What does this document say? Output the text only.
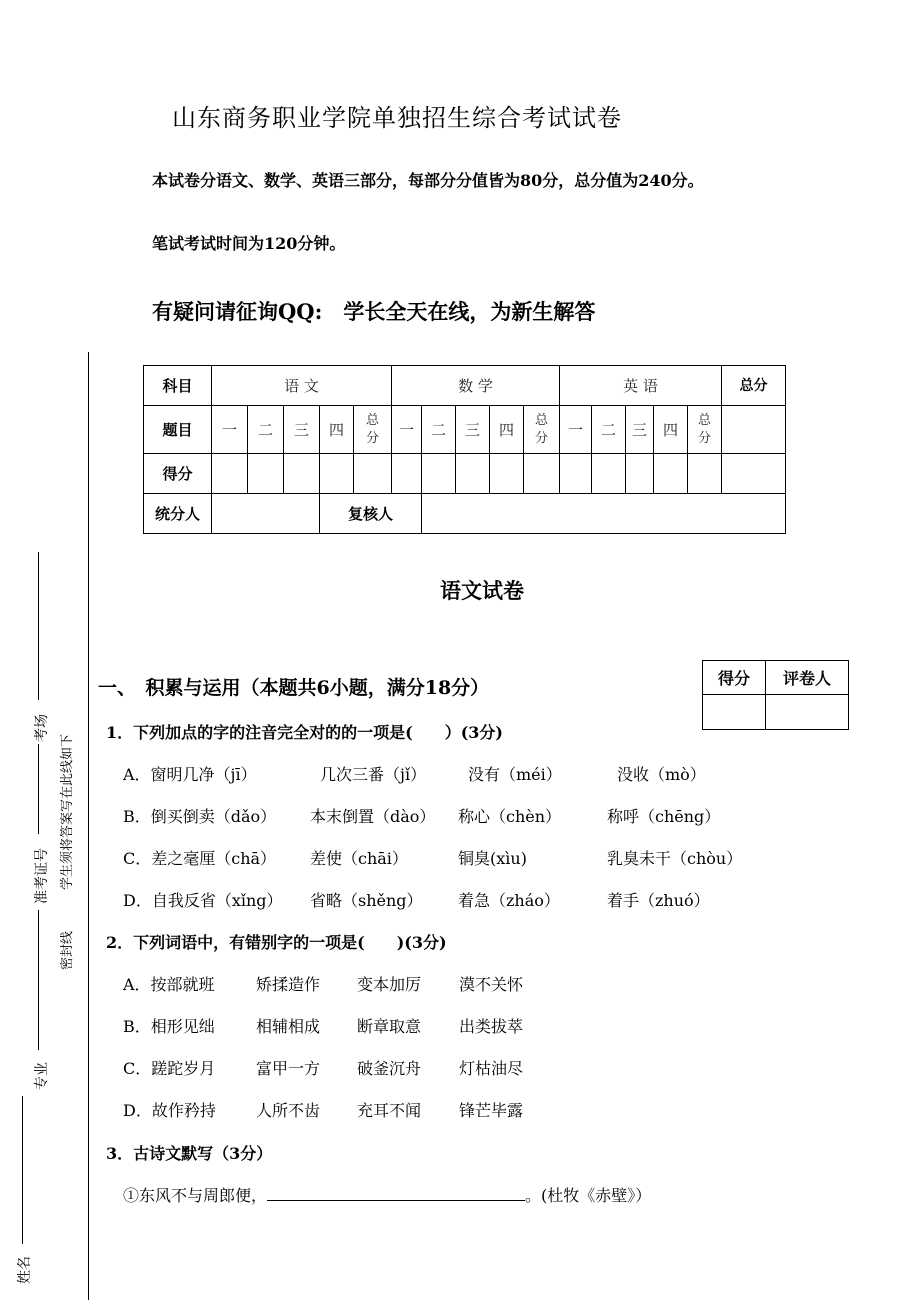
山东商务职业学院单独招生综合考试试卷
本试卷分语文、数学、英语三部分，每部分分值皆为80分，总分值为240分。
笔试考试时间为120分钟。
有疑问请征询QQ:　学长全天在线，为新生解答
科目	语 文					数 学					英 语					总分
题目	一	二	三	四	总分	一	二	三	四	总分	一	二	三	四	总分	
得分																
统分人				复核人												
语文试卷
得分	评卷人

一、　积累与运用（本题共6小题，满分18分）
1．下列加点的字的注音完全对的的一项是(　　）(3分)
A．窗明几净（jī）	几次三番（jǐ）	没有（méi）	没收（mò）
B．倒买倒卖（dǎo） 本末倒置（dào） 称心（chèn）	称呼（chēng）
C．差之毫厘（chā） 差使（chāi）	铜臭(xìu)	乳臭未干（chòu）
D．自我反省（xǐng） 省略（shěng） 着急（zháo）	着手（zhuó）
2．下列词语中，有错别字的一项是(　　)(3分)
A．按部就班	矫揉造作 变本加厉 漠不关怀
B．相形见绌	相辅相成 断章取意 出类拔萃
C．蹉跎岁月	富甲一方 破釜沉舟 灯枯油尽
D．故作矜持	人所不齿 充耳不闻 锋芒毕露
3．古诗文默写（3分）
①东风不与周郎便，	。(杜牧《赤壁》）
考场
准考证号
专业
姓名
学生须将答案写在此线如下
密封线
